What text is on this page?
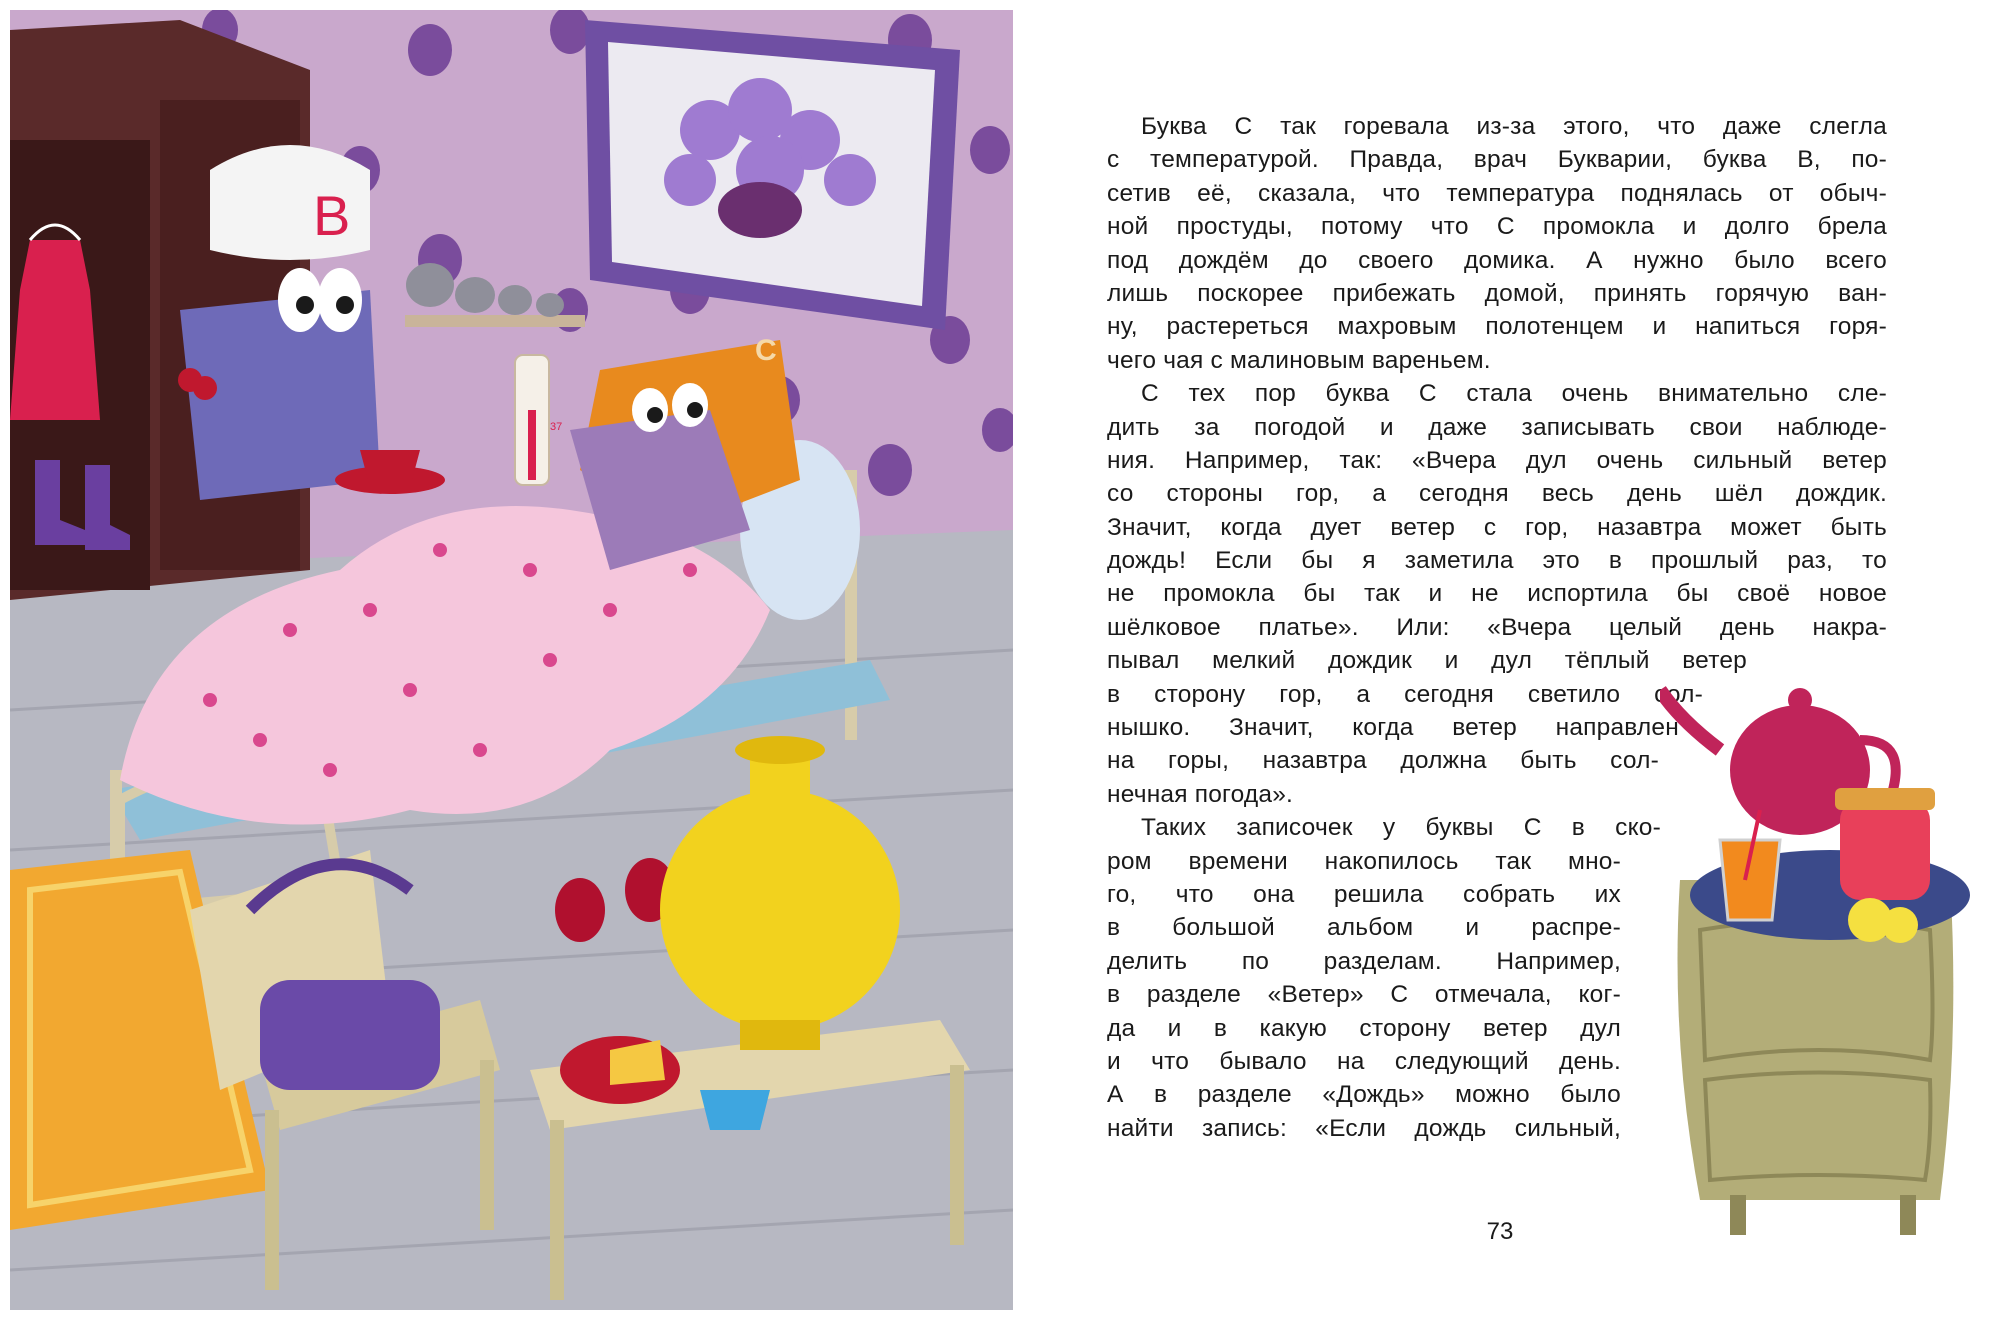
С
37
В
Буква С так горевала из-за этого, что даже слегла
с температурой. Правда, врач Букварии, буква В, по-
сетив её, сказала, что температура поднялась от обыч-
ной простуды, потому что С промокла и долго брела
под дождём до своего домика. А нужно было всего
лишь поскорее прибежать домой, принять горячую ван-
ну, растереться махровым полотенцем и напиться горя-
чего чая с малиновым вареньем.
С тех пор буква С стала очень внимательно сле-
дить за погодой и даже записывать свои наблюде-
ния. Например, так: «Вчера дул очень сильный ветер
со стороны гор, а сегодня весь день шёл дождик.
Значит, когда дует ветер с гор, назавтра может быть
дождь! Если бы я заметила это в прошлый раз, то
не промокла бы так и не испортила бы своё новое
шёлковое платье». Или: «Вчера целый день накра-
пывал мелкий дождик и дул тёплый ветер
в сторону гор, а сегодня светило сол-
нышко. Значит, когда ветер направлен
на горы, назавтра должна быть сол-
нечная погода».
Таких записочек у буквы С в ско-
ром времени накопилось так мно-
го, что она решила собрать их
в большой альбом и распре-
делить по разделам. Например,
в разделе «Ветер» С отмечала, ког-
да и в какую сторону ветер дул
и что бывало на следующий день.
А в разделе «Дождь» можно было
найти запись: «Если дождь сильный,
73
